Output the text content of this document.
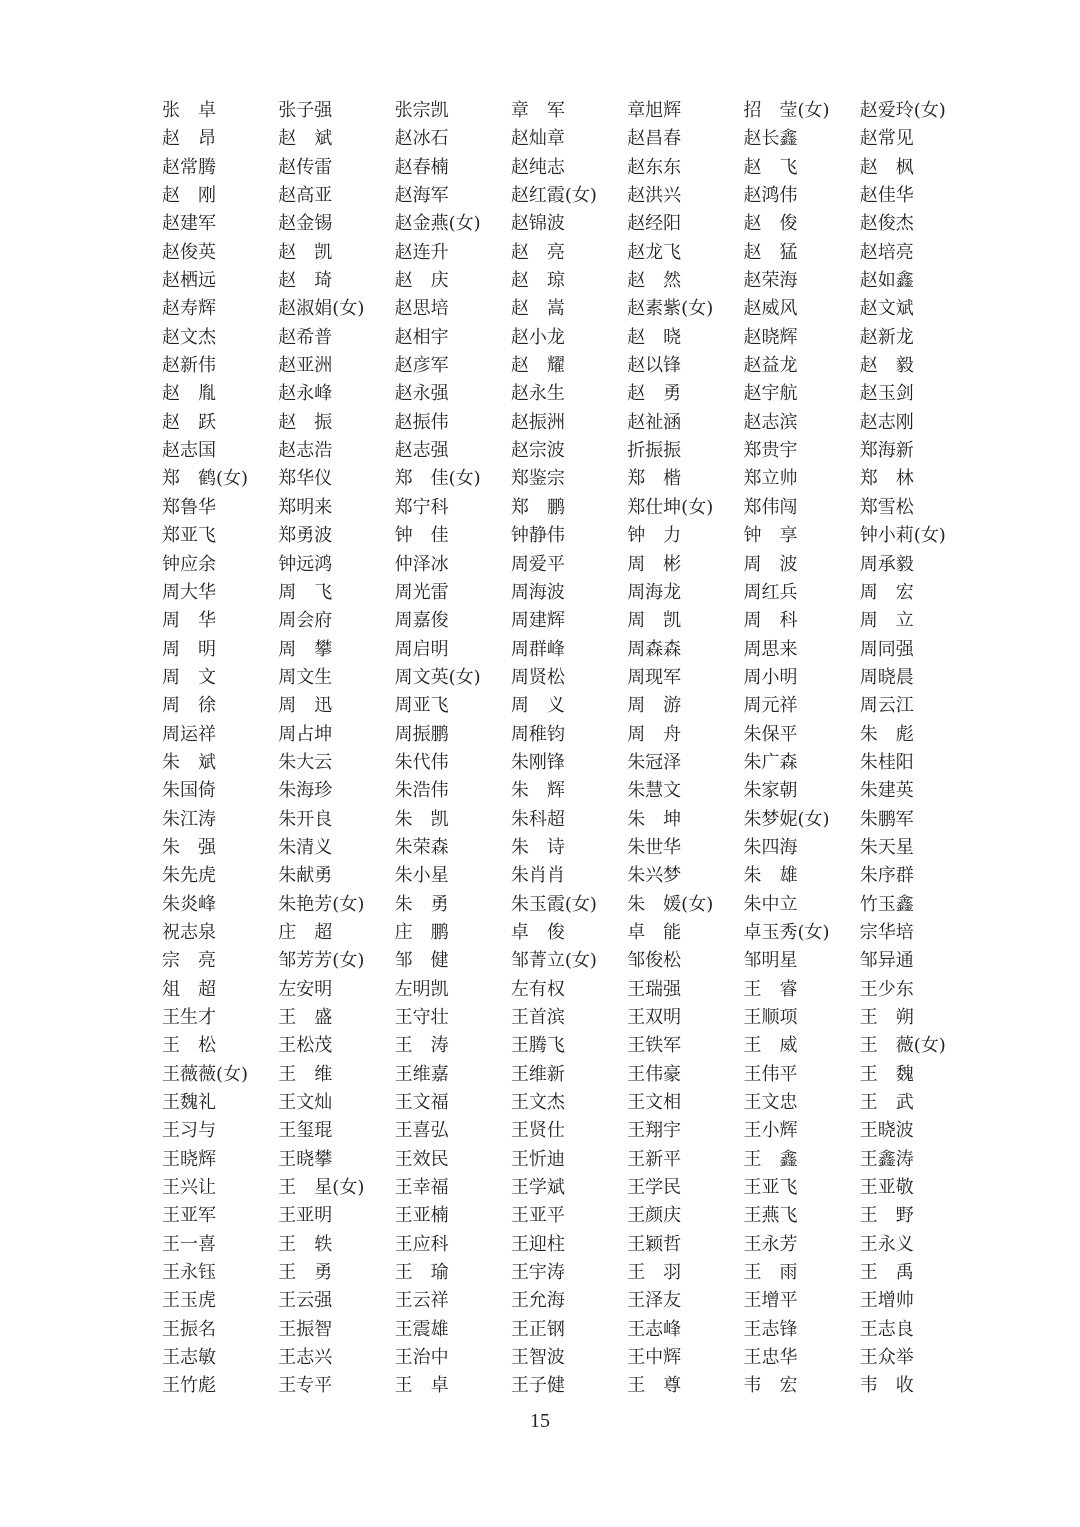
张　卓	张子强	张宗凯	章　军	章旭辉	招　莹(女)	赵爱玲(女)
赵　昂	赵　斌	赵冰石	赵灿章	赵昌春	赵长鑫	赵常见
赵常腾	赵传雷	赵春楠	赵纯志	赵东东	赵　飞	赵　枫
赵　刚	赵高亚	赵海军	赵红霞(女)	赵洪兴	赵鸿伟	赵佳华
赵建军	赵金锡	赵金燕(女)	赵锦波	赵经阳	赵　俊	赵俊杰
赵俊英	赵　凯	赵连升	赵　亮	赵龙飞	赵　猛	赵培亮
赵栖远	赵　琦	赵　庆	赵　琼	赵　然	赵荣海	赵如鑫
赵寿辉	赵淑娟(女)	赵思培	赵　嵩	赵素紫(女)	赵威风	赵文斌
赵文杰	赵希普	赵相宇	赵小龙	赵　晓	赵晓辉	赵新龙
赵新伟	赵亚洲	赵彦军	赵　耀	赵以锋	赵益龙	赵　毅
赵　胤	赵永峰	赵永强	赵永生	赵　勇	赵宇航	赵玉剑
赵　跃	赵　振	赵振伟	赵振洲	赵祉涵	赵志滨	赵志刚
赵志国	赵志浩	赵志强	赵宗波	折振振	郑贵宇	郑海新
郑　鹤(女)	郑华仪	郑　佳(女)	郑鉴宗	郑　楷	郑立帅	郑　林
郑鲁华	郑明来	郑宁科	郑　鹏	郑仕坤(女)	郑伟闯	郑雪松
郑亚飞	郑勇波	钟　佳	钟静伟	钟　力	钟　享	钟小莉(女)
钟应余	钟远鸿	仲泽冰	周爱平	周　彬	周　波	周承毅
周大华	周　飞	周光雷	周海波	周海龙	周红兵	周　宏
周　华	周会府	周嘉俊	周建辉	周　凯	周　科	周　立
周　明	周　攀	周启明	周群峰	周森森	周思来	周同强
周　文	周文生	周文英(女)	周贤松	周现军	周小明	周晓晨
周　徐	周　迅	周亚飞	周　义	周　游	周元祥	周云江
周运祥	周占坤	周振鹏	周稚钧	周　舟	朱保平	朱　彪
朱　斌	朱大云	朱代伟	朱刚锋	朱冠泽	朱广森	朱桂阳
朱国倚	朱海珍	朱浩伟	朱　辉	朱慧文	朱家朝	朱建英
朱江涛	朱开良	朱　凯	朱科超	朱　坤	朱梦妮(女)	朱鹏军
朱　强	朱清义	朱荣森	朱　诗	朱世华	朱四海	朱天星
朱先虎	朱献勇	朱小星	朱肖肖	朱兴梦	朱　雄	朱序群
朱炎峰	朱艳芳(女)	朱　勇	朱玉霞(女)	朱　媛(女)	朱中立	竹玉鑫
祝志泉	庄　超	庄　鹏	卓　俊	卓　能	卓玉秀(女)	宗华培
宗　亮	邹芳芳(女)	邹　健	邹菁立(女)	邹俊松	邹明星	邹异通
俎　超	左安明	左明凯	左有权	王瑞强	王　睿	王少东
王生才	王　盛	王守壮	王首滨	王双明	王顺项	王　朔
王　松	王松茂	王　涛	王腾飞	王铁军	王　威	王　薇(女)
王薇薇(女)	王　维	王维嘉	王维新	王伟豪	王伟平	王　魏
王魏礼	王文灿	王文福	王文杰	王文相	王文忠	王　武
王习与	王玺琨	王喜弘	王贤仕	王翔宇	王小辉	王晓波
王晓辉	王晓攀	王效民	王忻迪	王新平	王　鑫	王鑫涛
王兴让	王　星(女)	王幸福	王学斌	王学民	王亚飞	王亚敬
王亚军	王亚明	王亚楠	王亚平	王颜庆	王燕飞	王　野
王一喜	王　轶	王应科	王迎柱	王颖哲	王永芳	王永义
王永钰	王　勇	王　瑜	王宇涛	王　羽	王　雨	王　禹
王玉虎	王云强	王云祥	王允海	王泽友	王增平	王增帅
王振名	王振智	王震雄	王正钢	王志峰	王志锋	王志良
王志敏	王志兴	王治中	王智波	王中辉	王忠华	王众举
王竹彪	王专平	王　卓	王子健	王　尊	韦　宏	韦　收
15
